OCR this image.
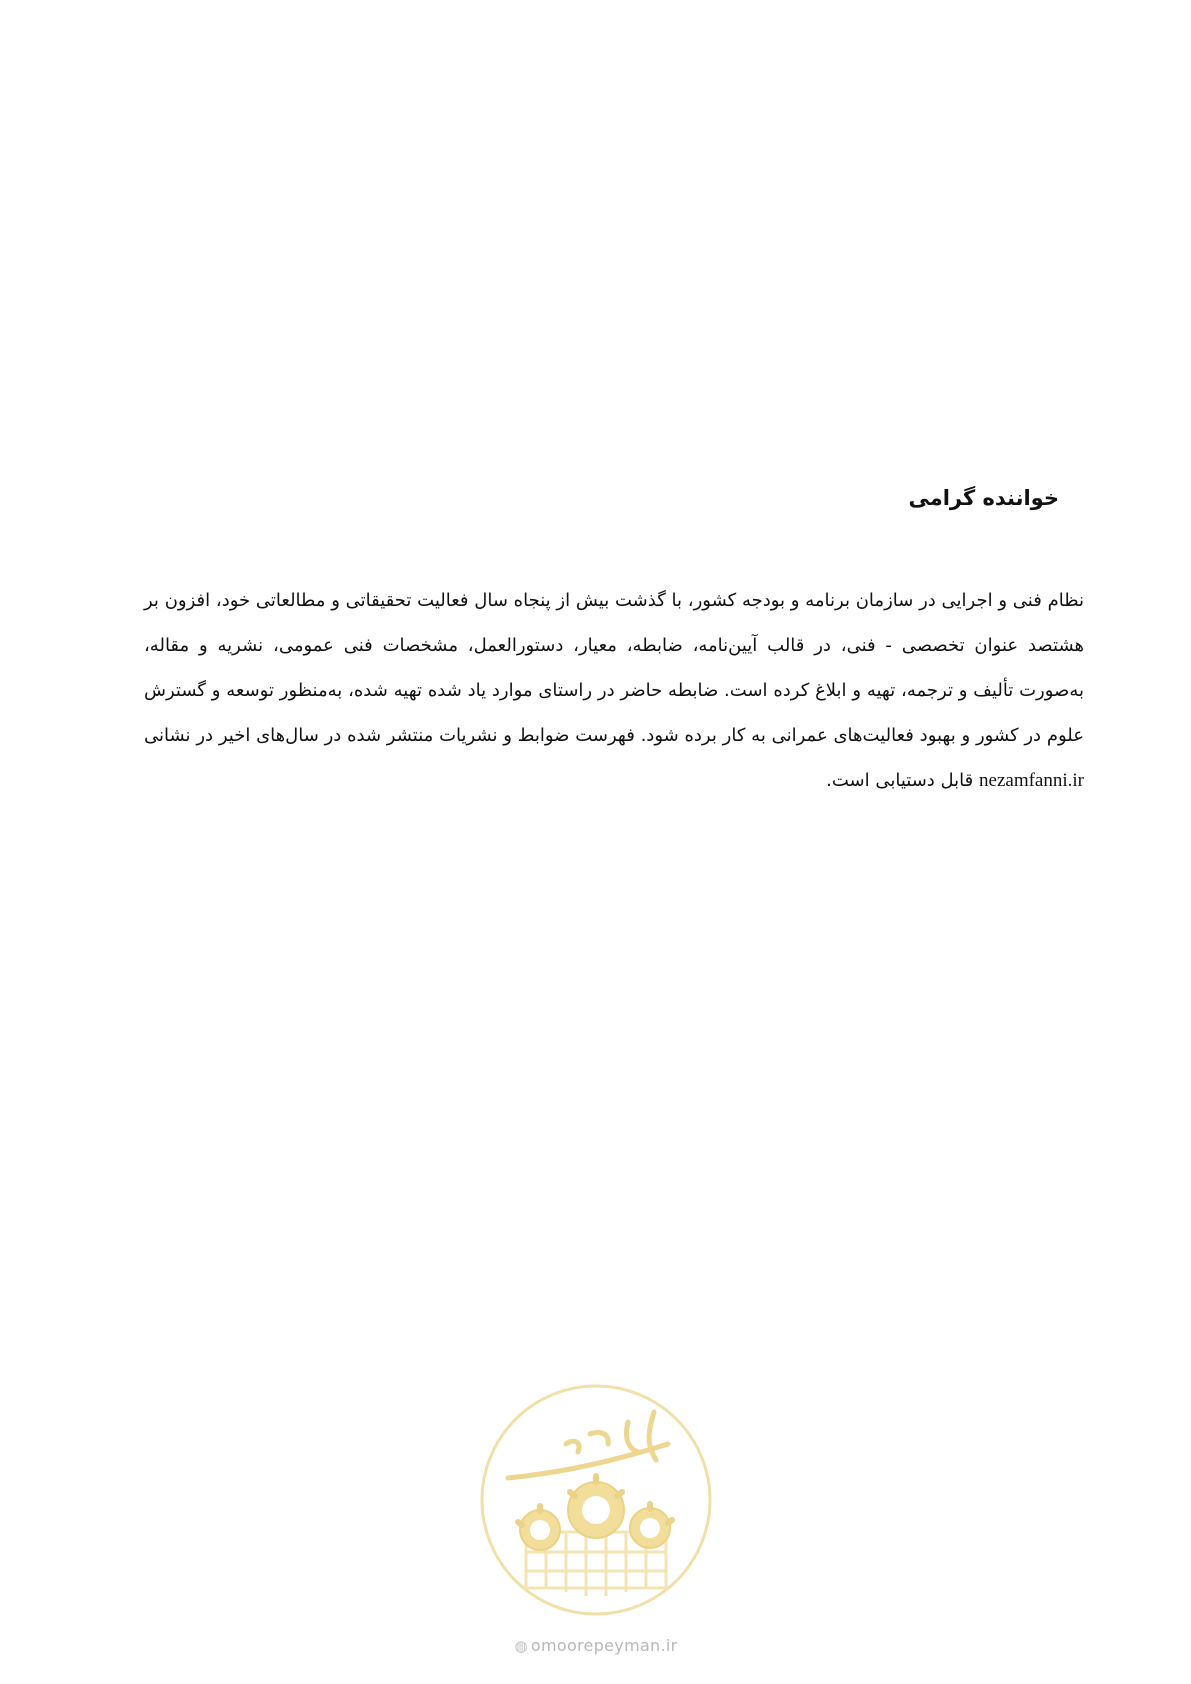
خواننده گرامی

نظام فنی و اجرایی در سازمان برنامه و بودجه کشور، با گذشت بیش از پنجاه سال فعالیت تحقیقاتی و مطالعاتی خود، افزون بر هشتصد عنوان تخصصی - فنی، در قالب آیین‌نامه، ضابطه، معیار، دستورالعمل، مشخصات فنی عمومی، نشریه و مقاله، به‌صورت تألیف و ترجمه، تهیه و ابلاغ کرده است. ضابطه حاضر در راستای موارد یاد شده تهیه شده، به‌منظور توسعه و گسترش علوم در کشور و بهبود فعالیت‌های عمرانی به کار برده شود. فهرست ضوابط و نشریات منتشر شده در سال‌های اخیر در نشانی nezamfanni.ir قابل دستیابی است.

◍ omoorepeyman.ir
